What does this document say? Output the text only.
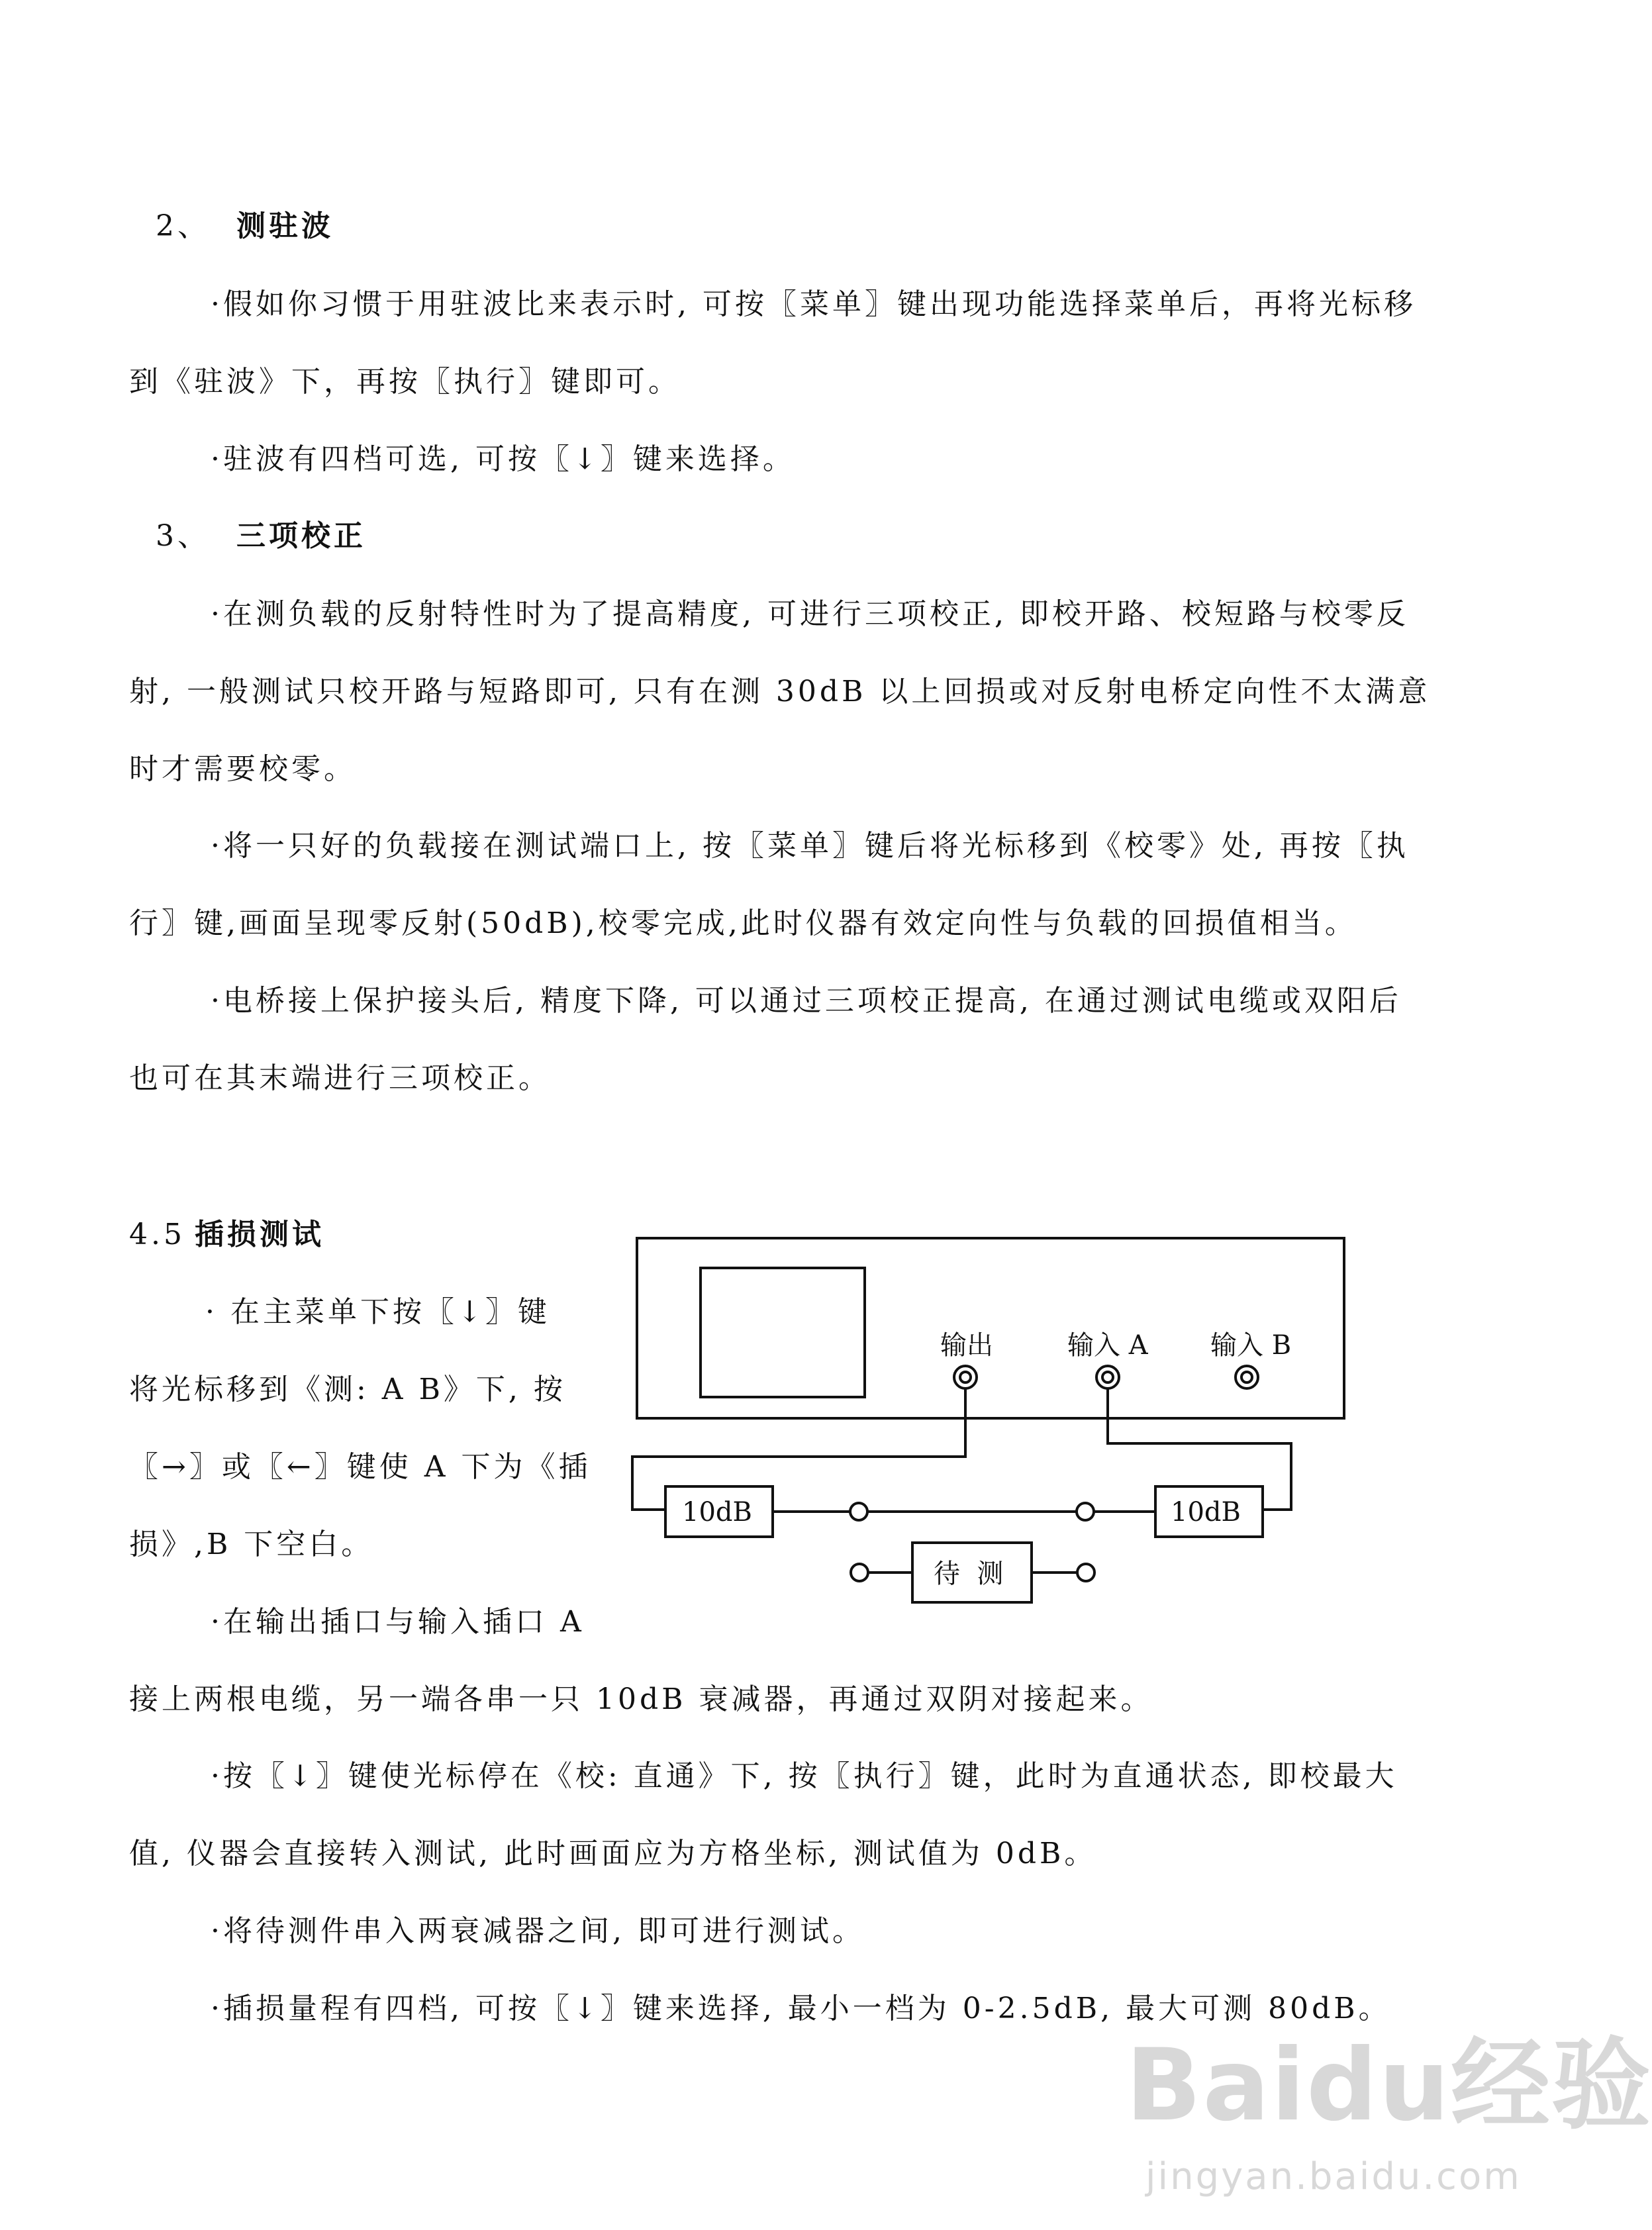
2、 测驻波
·假如你习惯于用驻波比来表示时, 可按〖菜单〗键出现功能选择菜单后，再将光标移
到《驻波》下，再按〖执行〗键即可。
·驻波有四档可选, 可按〖↓〗键来选择。
3、 三项校正
·在测负载的反射特性时为了提高精度, 可进行三项校正, 即校开路、校短路与校零反
射, 一般测试只校开路与短路即可, 只有在测 30dB 以上回损或对反射电桥定向性不太满意
时才需要校零。
·将一只好的负载接在测试端口上, 按〖菜单〗键后将光标移到《校零》处, 再按〖执
行〗键,画面呈现零反射(50dB),校零完成,此时仪器有效定向性与负载的回损值相当。
·电桥接上保护接头后, 精度下降, 可以通过三项校正提高, 在通过测试电缆或双阳后
也可在其末端进行三项校正。
4.5 插损测试
· 在主菜单下按〖↓〗键
将光标移到《测: A B》下, 按
〖→〗或〖←〗键使 A 下为《插
损》,B 下空白。
·在输出插口与输入插口 A
接上两根电缆，另一端各串一只 10dB 衰减器，再通过双阴对接起来。
·按〖↓〗键使光标停在《校: 直通》下, 按〖执行〗键，此时为直通状态, 即校最大
值, 仪器会直接转入测试, 此时画面应为方格坐标, 测试值为 0dB。
·将待测件串入两衰减器之间, 即可进行测试。
·插损量程有四档, 可按〖↓〗键来选择, 最小一档为 0-2.5dB, 最大可测 80dB。
输出	输入 A 输入 B
10dB	10dB
待  测
Baidu经验
jingyan.baidu.com
